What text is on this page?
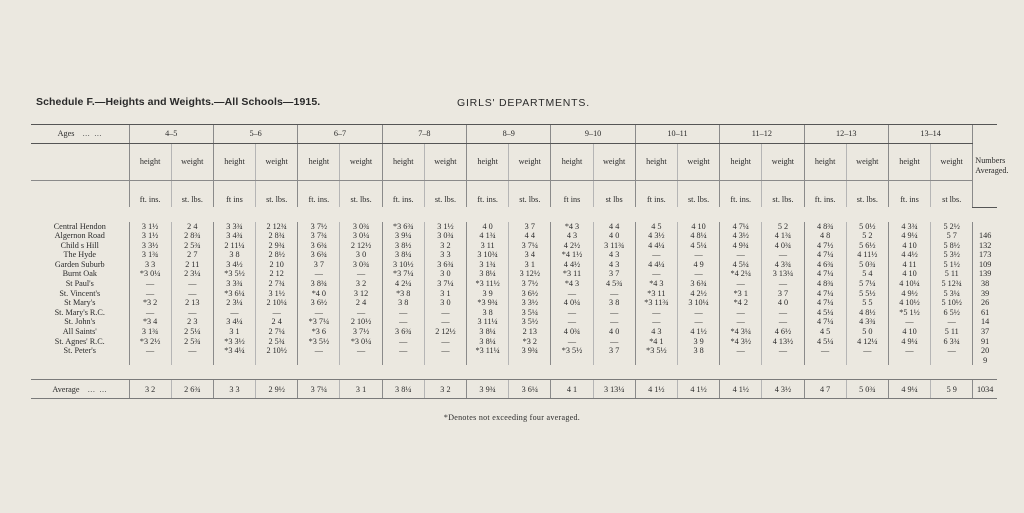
Schedule F.—Heights and Weights.—All Schools—1915.	GIRLS' DEPARTMENTS.
Ages ... ...	4–5		5–6		6–7		7–8		8–9		9–10		10–11		11–12		12–13		13–14		Numbers Averaged.
	height	weight	height	weight	height	weight	height	weight	height	weight	height	weight	height	weight	height	weight	height	weight	height	weight	
	ft. ins.	st. lbs.	ft ins	st. lbs.	ft. ins.	st. lbs.	ft. ins.	st. lbs.	ft. ins.	st. lbs.	ft ins	st lbs	ft ins.	st. lbs.	ft. ins.	st. lbs.	ft. ins.	st. lbs.	ft. ins	st lbs.	

Central Hendon	3 1½	2 4	3 3¾	2 12¾	3 7½	3 0¾	*3 6¾	3 1½	4 0	3 7	*4 3	4 4	4 5	4 10	4 7¼	5 2	4 8¾	5 0½	4 3¾	5 2½	
Algernon Road	3 1½	2 8¾	3 4¾	2 8¾	3 7¾	3 0¼	3 9¼	3 0¾	4 1¾	4 4	4 3	4 0	4 3½	4 8¼	4 3½	4 1¾	4 8	5 2	4 9¼	5 7	146
Child s Hill	3 3½	2 5¾	2 11¼	2 9¾	3 6¾	2 12½	3 8½	3 2	3 11	3 7¼	4 2½	3 11¾	4 4¼	4 5¼	4 9¾	4 0¾	4 7½	5 6½	4 10	5 8½	132
The Hyde	3 1¾	2 7	3 8	2 8½	3 6¾	3 0	3 8¼	3 3	3 10¾	3 4	*4 1½	4 3	—	—	—	—	4 7¼	4 11½	4 4½	5 3½	173
Garden Suburb	3 3	2 11	3 4½	2 10	3 7	3 0¾	3 10½	3 6¾	3 1¾	3 1	4 4½	4 3	4 4¼	4 9	4 5¼	4 3¾	4 6¾	5 0¾	4 11	5 1½	109
Burnt Oak	*3 0¼	2 3¼	*3 5½	2 12	—	—	*3 7¼	3 0	3 8¼	3 12½	*3 11	3 7	—	—	*4 2¼	3 13¼	4 7¼	5 4	4 10	5 11	139
St Paul's	—	—	3 3¾	2 7¾	3 8¾	3 2	4 2¼	3 7¼	*3 11½	3 7½	*4 3	4 5¾	*4 3	3 6¾	—	—	4 8¾	5 7¼	4 10¼	5 12¾	38
St. Vincent's	—	—	*3 6¼	3 1½	*4 0	3 12	*3 8	3 1	3 9	3 6½	—	—	*3 11	4 2½	*3 1	3 7	4 7¼	5 5½	4 9½	5 3¼	39
St Mary's	*3 2	2 13	2 3¼	2 10¼	3 6½	2 4	3 8	3 0	*3 9¾	3 3½	4 0¼	3 8	*3 11¾	3 10¼	*4 2	4 0	4 7¼	5 5	4 10½	5 10½	26
St. Mary's R.C.	—	—	—	—	—	—	—	—	3 8	3 5¼	—	—	—	—	—	—	4 5¼	4 8½	*5 1½	6 5½	61
St. John's	*3 4	2 3	3 4¼	2 4	*3 7¼	2 10½	—	—	3 11¼	3 5½	—	—	—	—	—	—	4 7¼	4 3¾	—	—	14
All Saints'	3 1¾	2 5¼	3 1	2 7¼	*3 6	3 7½	3 6¾	2 12½	3 8¼	2 13	4 0¾	4 0	4 3	4 1½	*4 3¼	4 6½	4 5	5 0	4 10	5 11	37
St. Agnes' R.C.	*3 2½	2 5¾	*3 3½	2 5¾	*3 5½	*3 0¼	—	—	3 8¼	*3 2	—	—	*4 1	3 9	*4 3½	4 13½	4 5¼	4 12¼	4 9¼	6 3¾	91
St. Peter's	—	—	*3 4¼	2 10½	—	—	—	—	*3 11¼	3 9¾	*3 5½	3 7	*3 5½	3 8	—	—	—	—	—	—	20
																					9

Average ... ...	3 2	2 6¾	3 3	2 9½	3 7¼	3 1	3 8¼	3 2	3 9¾	3 6¼	4 1	3 13¼	4 1½	4 1½	4 1½	4 3½	4 7	5 0¾	4 9¼	5 9	1034
*Denotes not exceeding four averaged.
